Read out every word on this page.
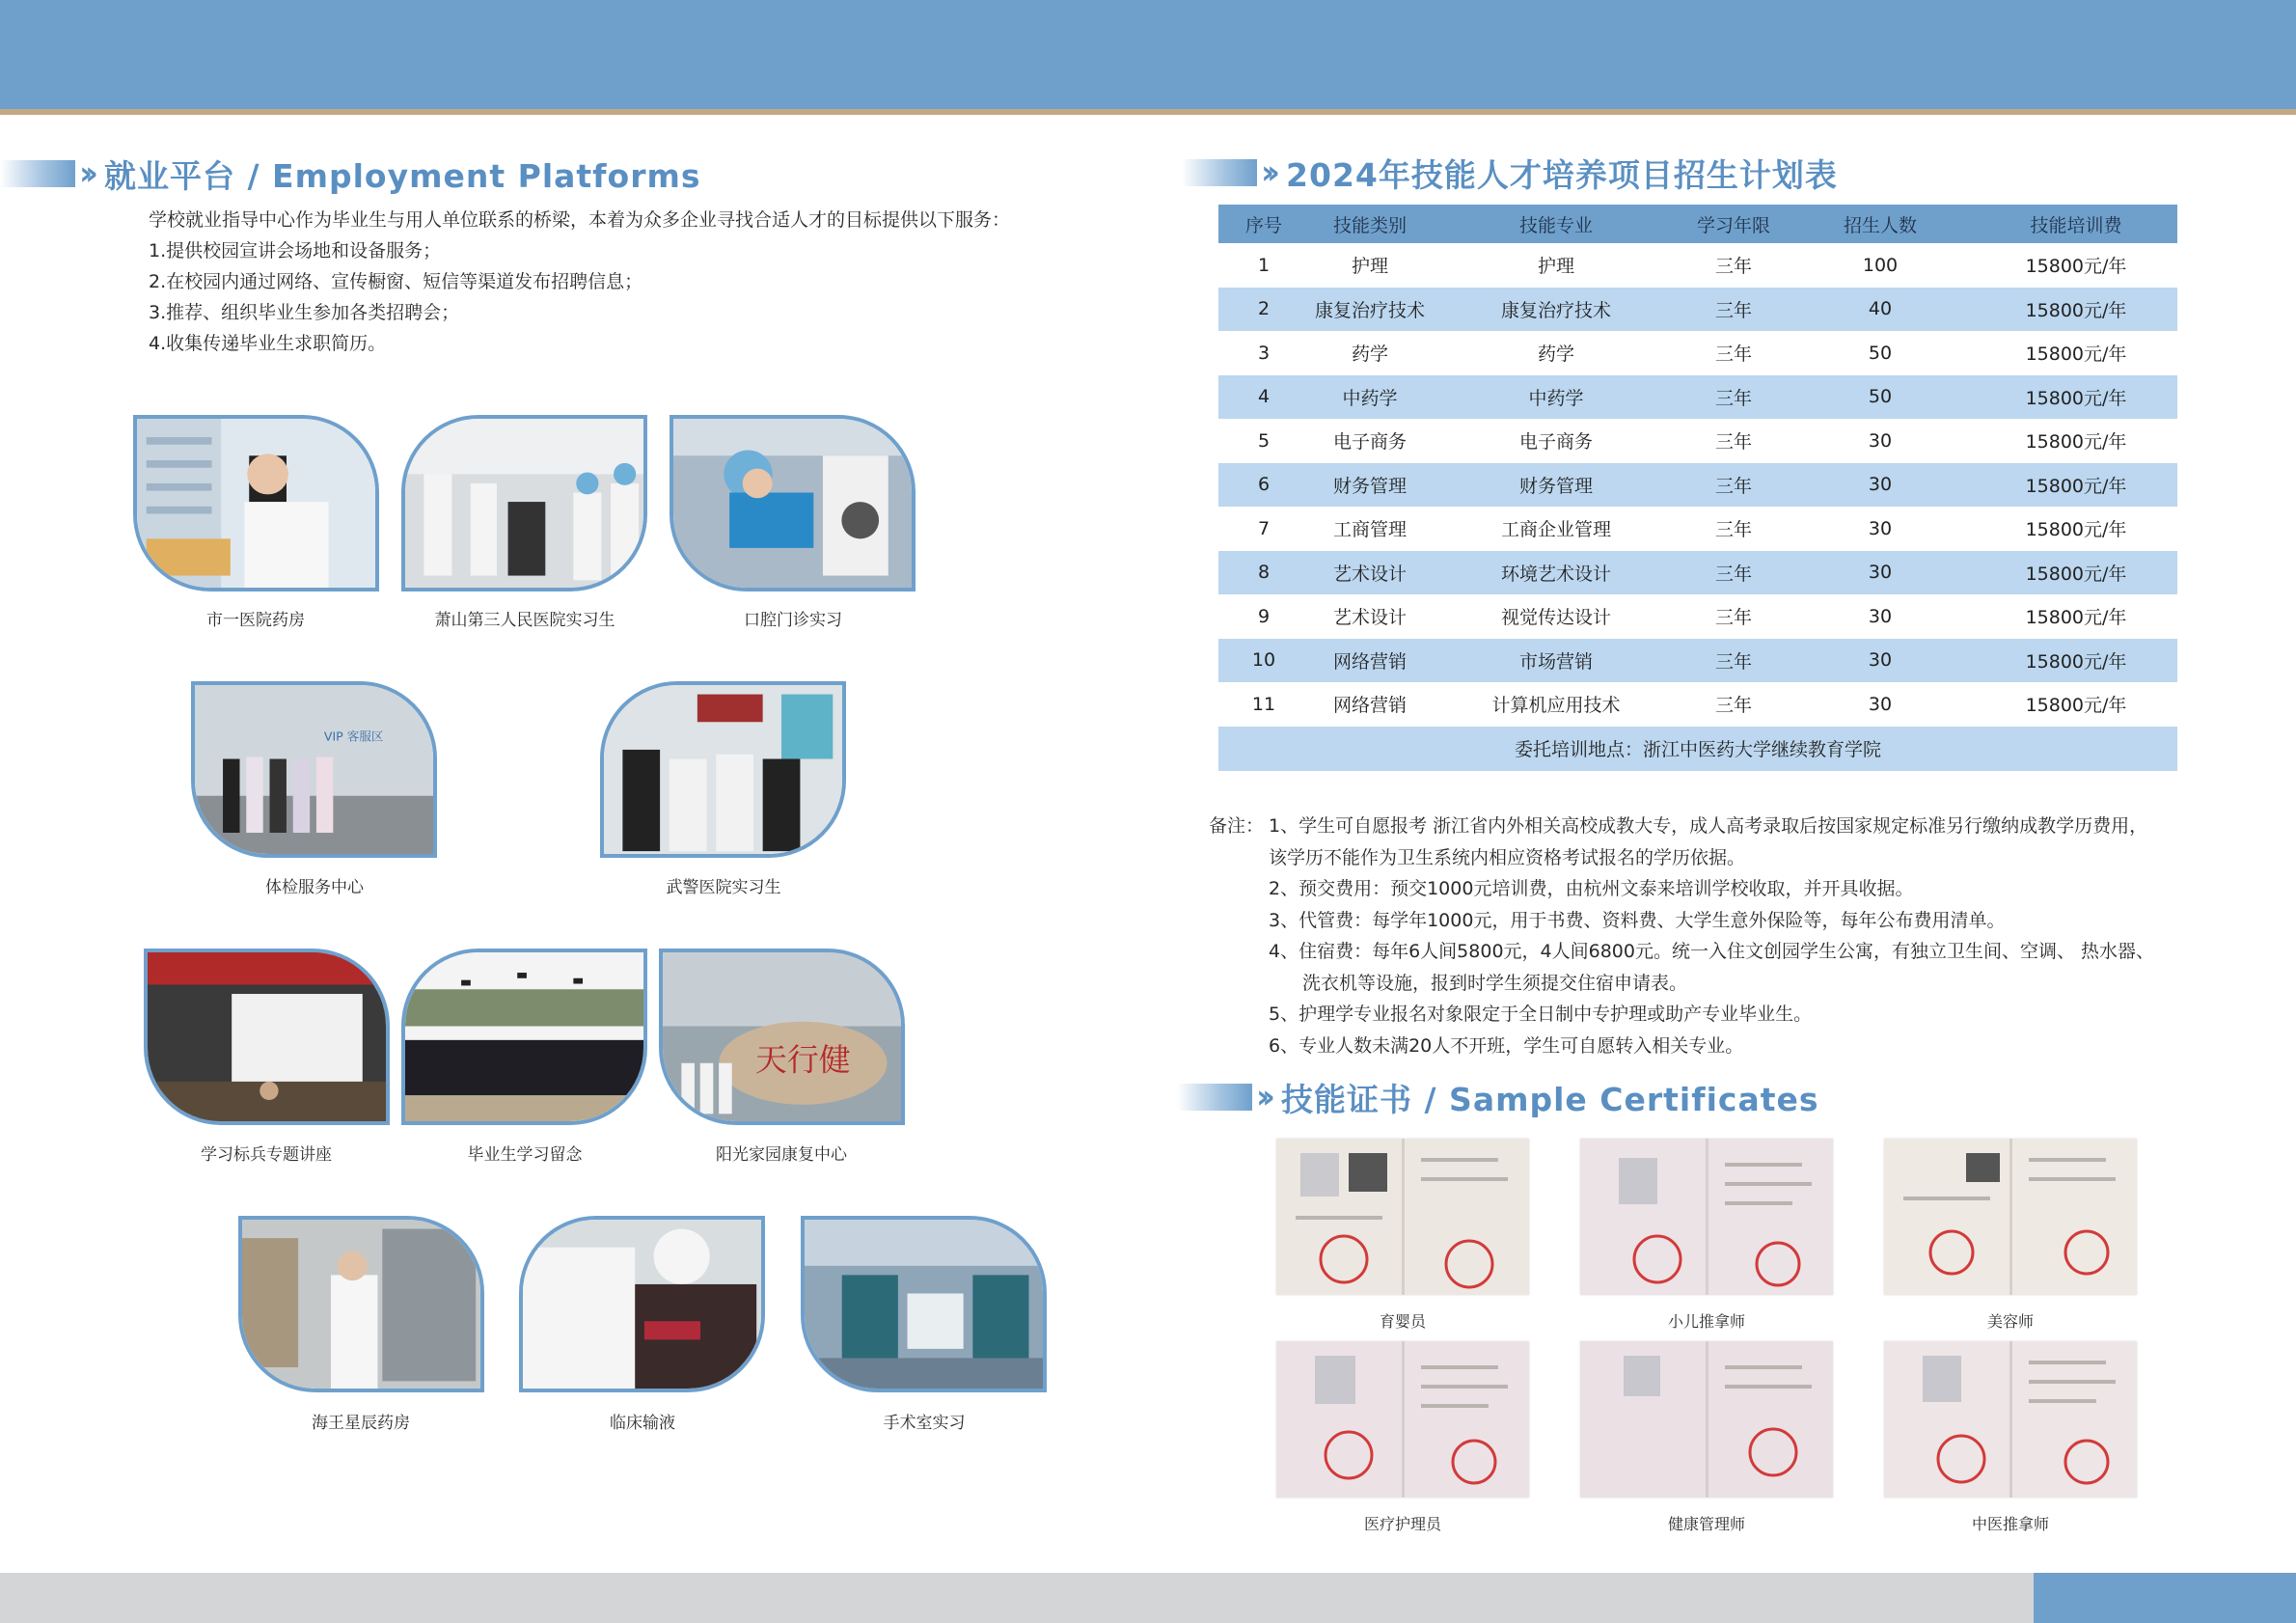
›› 就业平台 / Employment Platforms

学校就业指导中心作为毕业生与用人单位联系的桥梁，本着为众多企业寻找合适人才的目标提供以下服务：

1.提供校园宣讲会场地和设备服务；

2.在校园内通过网络、宣传橱窗、短信等渠道发布招聘信息；

3.推荐、组织毕业生参加各类招聘会；

4.收集传递毕业生求职简历。

市一医院药房	萧山第三人民医院实习生	口腔门诊实习
VIP 客服区
体检服务中心	武警医院实习生
学习标兵专题讲座	毕业生学习留念
天行健
阳光家园康复中心
海王星辰药房	临床输液	手术室实习
›› 2024年技能人才培养项目招生计划表
序号	技能类别	技能专业	学习年限	招生人数	技能培训费
1	护理	护理	三年	100	15800元/年
2	康复治疗技术	康复治疗技术	三年	40	15800元/年
3	药学	药学	三年	50	15800元/年
4	中药学	中药学	三年	50	15800元/年
5	电子商务	电子商务	三年	30	15800元/年
6	财务管理	财务管理	三年	30	15800元/年
7	工商管理	工商企业管理	三年	30	15800元/年
8	艺术设计	环境艺术设计	三年	30	15800元/年
9	艺术设计	视觉传达设计	三年	30	15800元/年
10	网络营销	市场营销	三年	30	15800元/年
11	网络营销	计算机应用技术	三年	30	15800元/年
委托培训地点：浙江中医药大学继续教育学院					
备注： 1、学生可自愿报考 浙江省内外相关高校成教大专，成人高考录取后按国家规定标准另行缴纳成教学历费用，
该学历不能作为卫生系统内相应资格考试报名的学历依据。
2、预交费用：预交1000元培训费，由杭州文泰来培训学校收取，并开具收据。
3、代管费：每学年1000元，用于书费、资料费、大学生意外保险等，每年公布费用清单。
4、住宿费：每年6人间5800元，4人间6800元。统一入住文创园学生公寓，有独立卫生间、空调、 热水器、
洗衣机等设施，报到时学生须提交住宿申请表。
5、护理学专业报名对象限定于全日制中专护理或助产专业毕业生。
6、专业人数未满20人不开班，学生可自愿转入相关专业。
›› 技能证书 / Sample Certificates
育婴员	小儿推拿师	美容师
医疗护理员	健康管理师	中医推拿师
